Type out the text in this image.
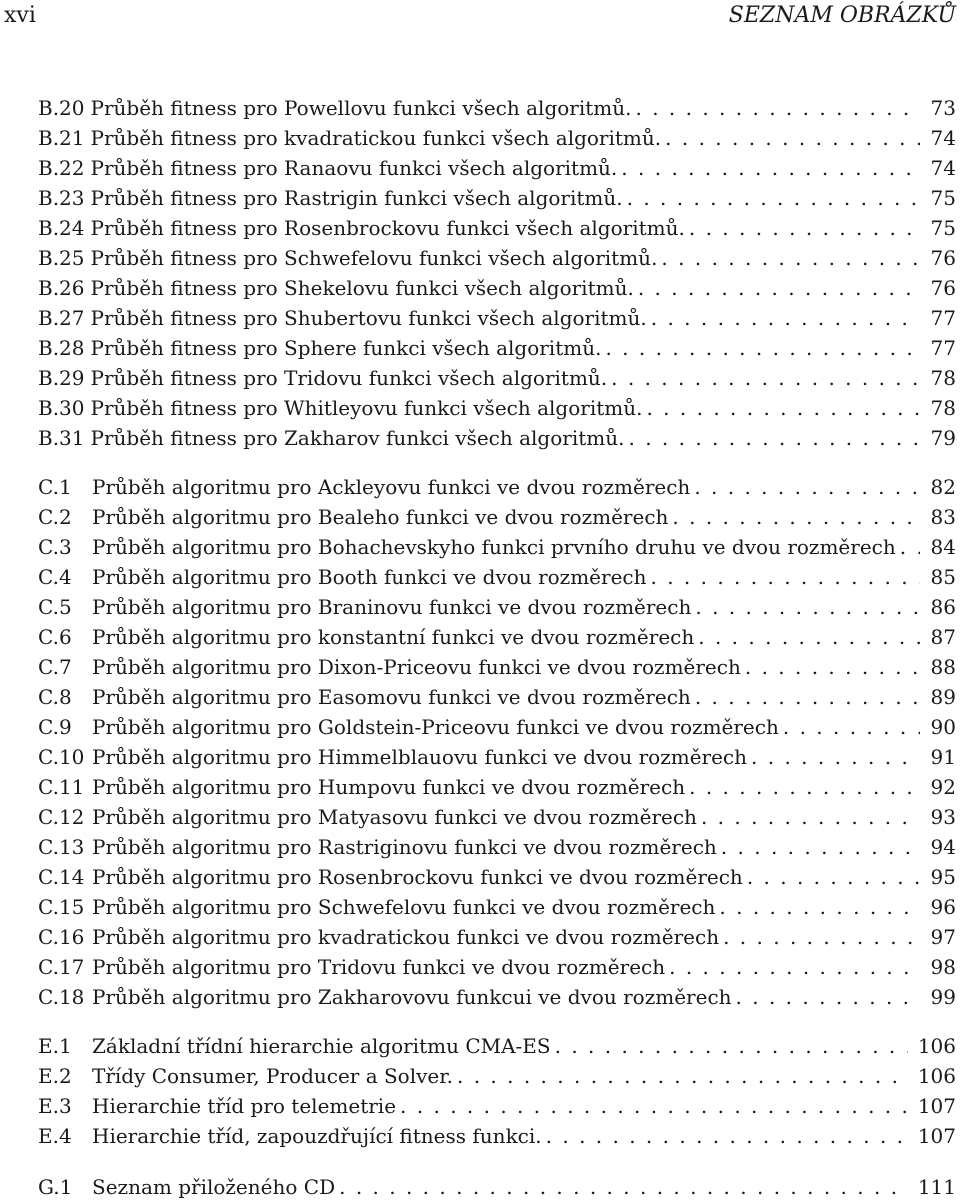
xvi	SEZNAM OBRÁZKŮ
B.20 Průběh fitness pro Powellovu funkci všech algoritmů. . . .	73
B.21 Průběh fitness pro kvadratickou funkci všech algoritmů. . . .	74
B.22 Průběh fitness pro Ranaovu funkci všech algoritmů. . . .	74
B.23 Průběh fitness pro Rastrigin funkci všech algoritmů. . . .	75
B.24 Průběh fitness pro Rosenbrockovu funkci všech algoritmů. . . .	75
B.25 Průběh fitness pro Schwefelovu funkci všech algoritmů. . . .	76
B.26 Průběh fitness pro Shekelovu funkci všech algoritmů. . . .	76
B.27 Průběh fitness pro Shubertovu funkci všech algoritmů. . . .	77
B.28 Průběh fitness pro Sphere funkci všech algoritmů. . . .	77
B.29 Průběh fitness pro Tridovu funkci všech algoritmů. . . .	78
B.30 Průběh fitness pro Whitleyovu funkci všech algoritmů. . . .	78
B.31 Průběh fitness pro Zakharov funkci všech algoritmů. . . .	79
C.1	Průběh algoritmu pro Ackleyovu funkci ve dvou rozměrech . . .	82
C.2	Průběh algoritmu pro Bealeho funkci ve dvou rozměrech . . .	83
C.3	Průběh algoritmu pro Bohachevskyho funkci prvního druhu ve dvou rozměrech . . . 84
C.4	Průběh algoritmu pro Booth funkci ve dvou rozměrech . . .	85
C.5	Průběh algoritmu pro Braninovu funkci ve dvou rozměrech . . .	86
C.6	Průběh algoritmu pro konstantní funkci ve dvou rozměrech . . .	87
C.7	Průběh algoritmu pro Dixon-Priceovu funkci ve dvou rozměrech . . .	88
C.8	Průběh algoritmu pro Easomovu funkci ve dvou rozměrech . . .	89
C.9	Průběh algoritmu pro Goldstein-Priceovu funkci ve dvou rozměrech . . .	90
C.10 Průběh algoritmu pro Himmelblauovu funkci ve dvou rozměrech . . .	91
C.11 Průběh algoritmu pro Humpovu funkci ve dvou rozměrech . . .	92
C.12 Průběh algoritmu pro Matyasovu funkci ve dvou rozměrech . . .	93
C.13 Průběh algoritmu pro Rastriginovu funkci ve dvou rozměrech . . .	94
C.14 Průběh algoritmu pro Rosenbrockovu funkci ve dvou rozměrech . . .	95
C.15 Průběh algoritmu pro Schwefelovu funkci ve dvou rozměrech . . .	96
C.16 Průběh algoritmu pro kvadratickou funkci ve dvou rozměrech . . .	97
C.17 Průběh algoritmu pro Tridovu funkci ve dvou rozměrech . . .	98
C.18 Průběh algoritmu pro Zakharovovu funkcui ve dvou rozměrech . . .	99
E.1	Základní třídní hierarchie algoritmu CMA-ES . . .	106
E.2	Třídy Consumer, Producer a Solver. . . .	106
E.3	Hierarchie tříd pro telemetrie . . .	107
E.4	Hierarchie tříd, zapouzdřující fitness funkci. . . .	107
G.1 Seznam přiloženého CD . . .	111
